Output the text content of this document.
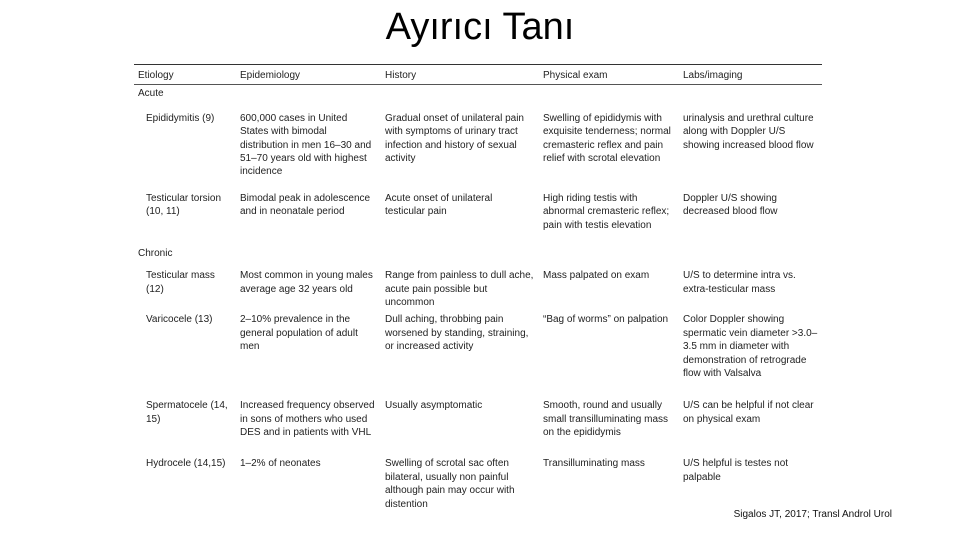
Ayırıcı Tanı
Etiology	Epidemiology	History	Physical exam	Labs/imaging
Acute				
Epididymitis (9)	600,000 cases in United States with bimodal distribution in men 16–30 and 51–70 years old with highest incidence	Gradual onset of unilateral pain with symptoms of urinary tract infection and history of sexual activity	Swelling of epididymis with exquisite tenderness; normal cremasteric reflex and pain relief with scrotal elevation	urinalysis and urethral culture along with Doppler U/S showing increased blood flow
Testicular torsion (10, 11)	Bimodal peak in adolescence and in neonatale period	Acute onset of unilateral testicular pain	High riding testis with abnormal cremasteric reflex; pain with testis elevation	Doppler U/S showing decreased blood flow
Chronic				
Testicular mass (12)	Most common in young males average age 32 years old	Range from painless to dull ache, acute pain possible but uncommon	Mass palpated on exam	U/S to determine intra vs. extra-testicular mass
Varicocele (13)	2–10% prevalence in the general population of adult men	Dull aching, throbbing pain worsened by standing, straining, or increased activity	“Bag of worms” on palpation	Color Doppler showing spermatic vein diameter >3.0–3.5 mm in diameter with demonstration of retrograde flow with Valsalva
Spermatocele (14, 15)	Increased frequency observed in sons of mothers who used DES and in patients with VHL	Usually asymptomatic	Smooth, round and usually small transilluminating mass on the epididymis	U/S can be helpful if not clear on physical exam
Hydrocele (14,15)	1–2% of neonates	Swelling of scrotal sac often bilateral, usually non painful although pain may occur with distention	Transilluminating mass	U/S helpful is testes not palpable
Sigalos JT, 2017; Transl Androl Urol
